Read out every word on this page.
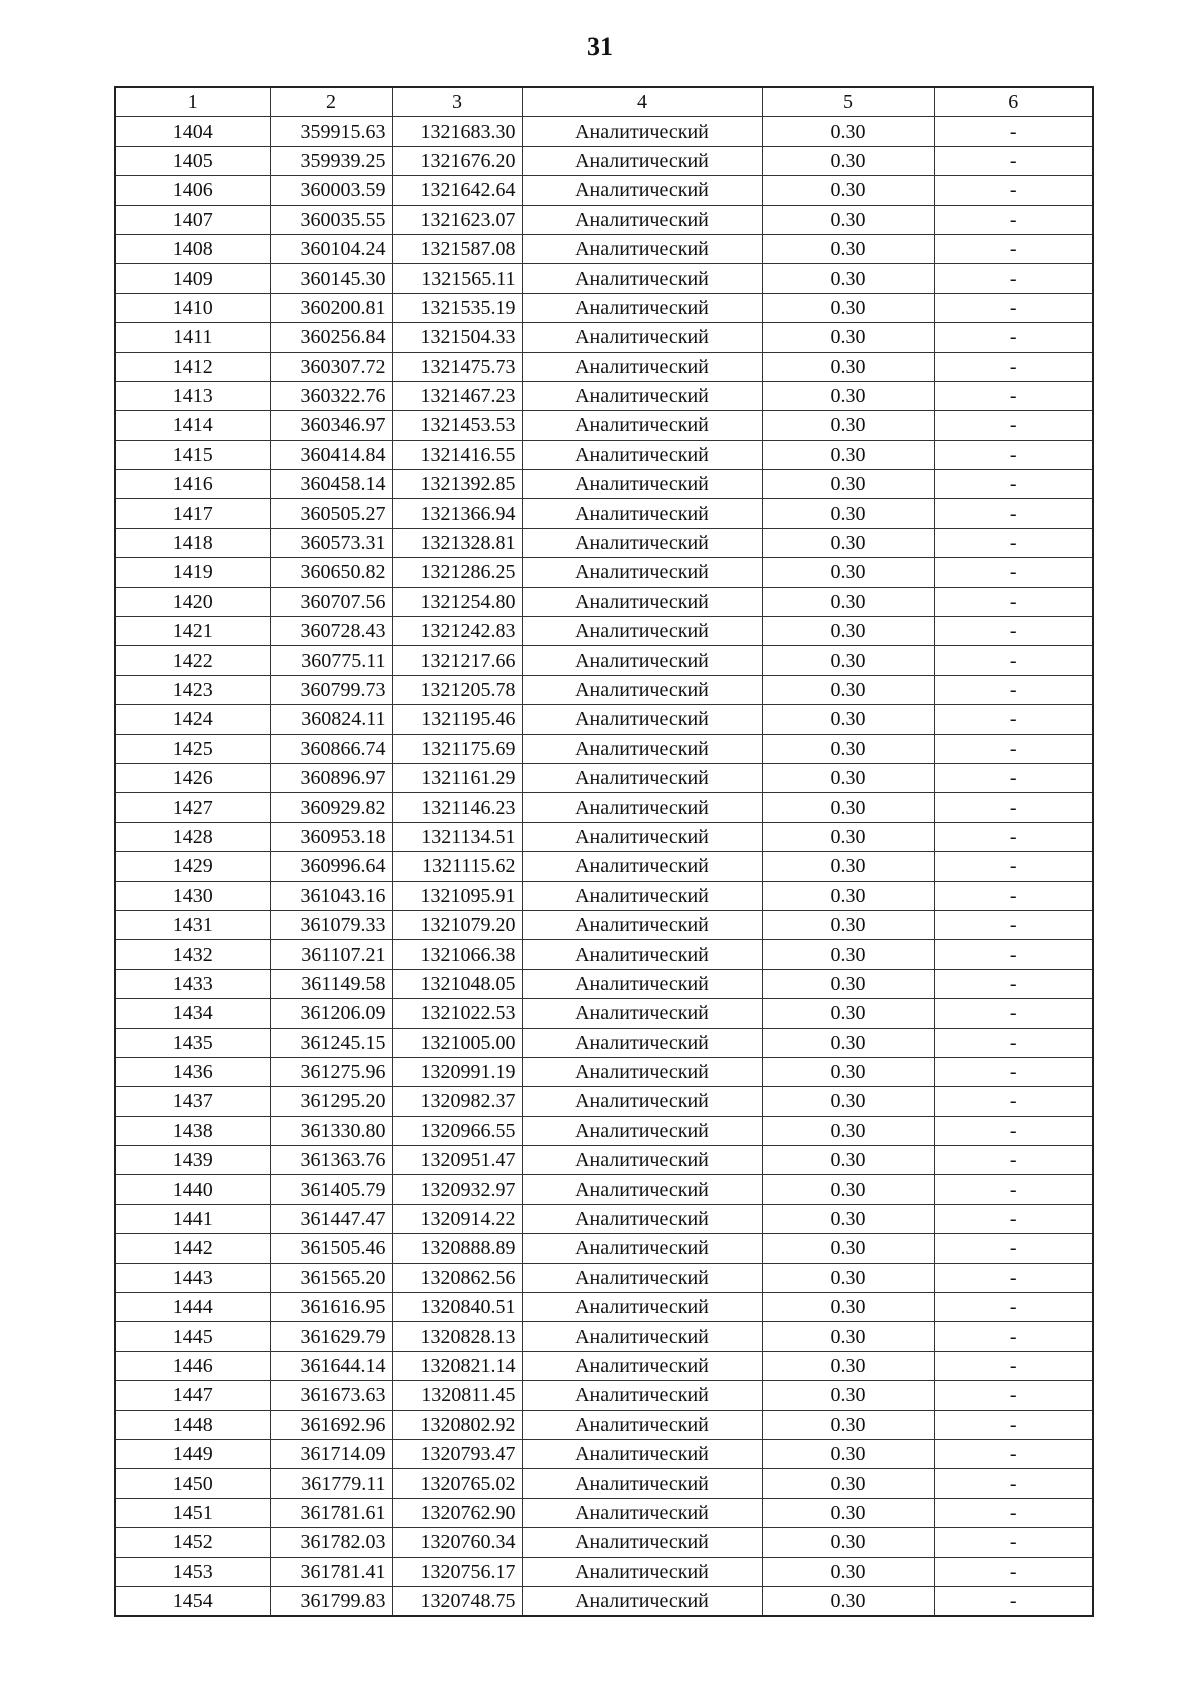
31
1	2	3	4	5	6
1404	359915.63	1321683.30	Аналитический	0.30	-
1405	359939.25	1321676.20	Аналитический	0.30	-
1406	360003.59	1321642.64	Аналитический	0.30	-
1407	360035.55	1321623.07	Аналитический	0.30	-
1408	360104.24	1321587.08	Аналитический	0.30	-
1409	360145.30	1321565.11	Аналитический	0.30	-
1410	360200.81	1321535.19	Аналитический	0.30	-
1411	360256.84	1321504.33	Аналитический	0.30	-
1412	360307.72	1321475.73	Аналитический	0.30	-
1413	360322.76	1321467.23	Аналитический	0.30	-
1414	360346.97	1321453.53	Аналитический	0.30	-
1415	360414.84	1321416.55	Аналитический	0.30	-
1416	360458.14	1321392.85	Аналитический	0.30	-
1417	360505.27	1321366.94	Аналитический	0.30	-
1418	360573.31	1321328.81	Аналитический	0.30	-
1419	360650.82	1321286.25	Аналитический	0.30	-
1420	360707.56	1321254.80	Аналитический	0.30	-
1421	360728.43	1321242.83	Аналитический	0.30	-
1422	360775.11	1321217.66	Аналитический	0.30	-
1423	360799.73	1321205.78	Аналитический	0.30	-
1424	360824.11	1321195.46	Аналитический	0.30	-
1425	360866.74	1321175.69	Аналитический	0.30	-
1426	360896.97	1321161.29	Аналитический	0.30	-
1427	360929.82	1321146.23	Аналитический	0.30	-
1428	360953.18	1321134.51	Аналитический	0.30	-
1429	360996.64	1321115.62	Аналитический	0.30	-
1430	361043.16	1321095.91	Аналитический	0.30	-
1431	361079.33	1321079.20	Аналитический	0.30	-
1432	361107.21	1321066.38	Аналитический	0.30	-
1433	361149.58	1321048.05	Аналитический	0.30	-
1434	361206.09	1321022.53	Аналитический	0.30	-
1435	361245.15	1321005.00	Аналитический	0.30	-
1436	361275.96	1320991.19	Аналитический	0.30	-
1437	361295.20	1320982.37	Аналитический	0.30	-
1438	361330.80	1320966.55	Аналитический	0.30	-
1439	361363.76	1320951.47	Аналитический	0.30	-
1440	361405.79	1320932.97	Аналитический	0.30	-
1441	361447.47	1320914.22	Аналитический	0.30	-
1442	361505.46	1320888.89	Аналитический	0.30	-
1443	361565.20	1320862.56	Аналитический	0.30	-
1444	361616.95	1320840.51	Аналитический	0.30	-
1445	361629.79	1320828.13	Аналитический	0.30	-
1446	361644.14	1320821.14	Аналитический	0.30	-
1447	361673.63	1320811.45	Аналитический	0.30	-
1448	361692.96	1320802.92	Аналитический	0.30	-
1449	361714.09	1320793.47	Аналитический	0.30	-
1450	361779.11	1320765.02	Аналитический	0.30	-
1451	361781.61	1320762.90	Аналитический	0.30	-
1452	361782.03	1320760.34	Аналитический	0.30	-
1453	361781.41	1320756.17	Аналитический	0.30	-
1454	361799.83	1320748.75	Аналитический	0.30	-
